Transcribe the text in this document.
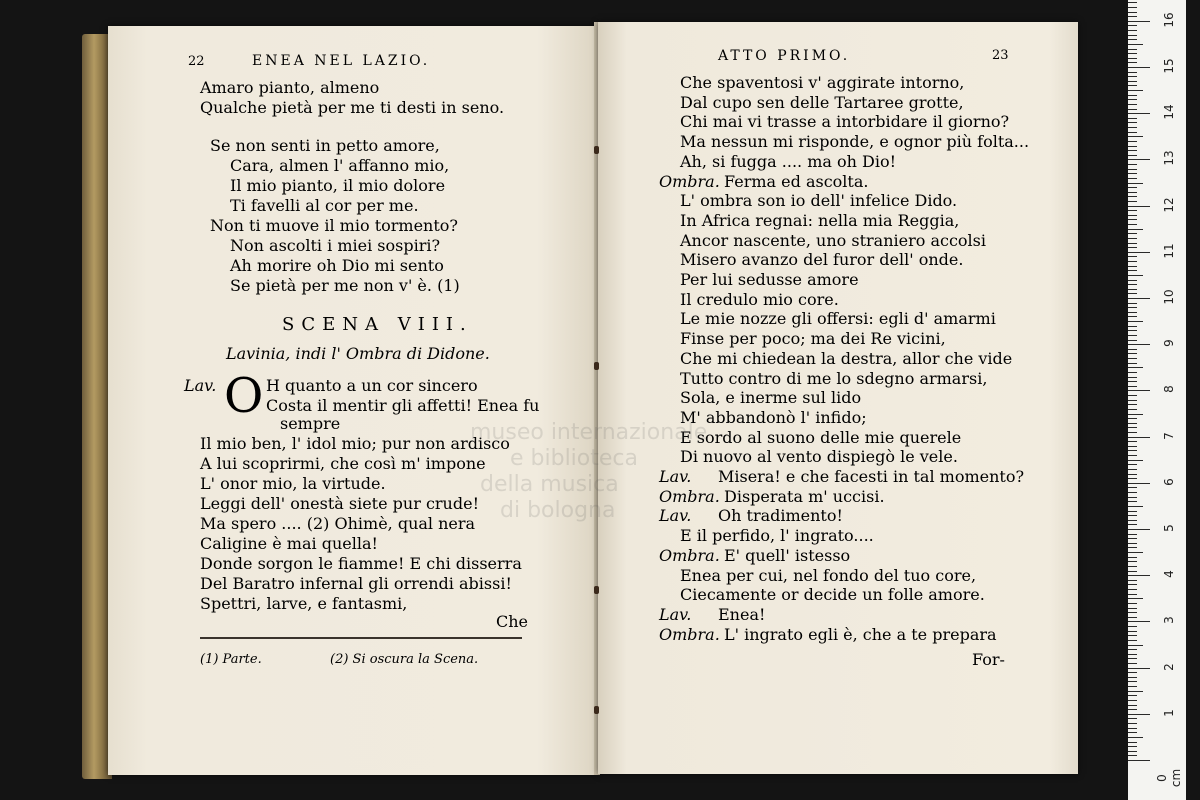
22	ENEA NEL LAZIO.
Amaro pianto, almeno
Qualche pietà per me ti desti in seno.
Se non senti in petto amore,
Cara, almen l' affanno mio,
Il mio pianto, il mio dolore
Ti favelli al cor per me.
Non ti muove il mio tormento?
Non ascolti i miei sospiri?
Ah morire oh Dio mi sento
Se pietà per me non v' è. (1)
SCENA VIII.
Lavinia, indi l' Ombra di Didone.
Lav. O H quanto a un cor sincero
Costa il mentir gli affetti! Enea fu
sempre
Il mio ben, l' idol mio; pur non ardisco
A lui scoprirmi, che così m' impone
L' onor mio, la virtude.
Leggi dell' onestà siete pur crude!
Ma spero .... (2) Ohimè, qual nera
Caligine è mai quella!
Donde sorgon le fiamme! E chi disserra
Del Baratro infernal gli orrendi abissi!
Spettri, larve, e fantasmi,
Che
(1) Parte.	(2) Si oscura la Scena.
ATTO PRIMO.	23
Che spaventosi v' aggirate intorno,
Dal cupo sen delle Tartaree grotte,
Chi mai vi trasse a intorbidare il giorno?
Ma nessun mi risponde, e ognor più folta...
Ah, si fugga .... ma oh Dio!
Ombra. Ferma ed ascolta.
L' ombra son io dell' infelice Dido.
In Africa regnai: nella mia Reggia,
Ancor nascente, uno straniero accolsi
Misero avanzo del furor dell' onde.
Per lui sedusse amore
Il credulo mio core.
Le mie nozze gli offersi: egli d' amarmi
Finse per poco; ma dei Re vicini,
Che mi chiedean la destra, allor che vide
Tutto contro di me lo sdegno armarsi,
Sola, e inerme sul lido
M' abbandonò l' infido;
E sordo al suono delle mie querele
Di nuovo al vento dispiegò le vele.
Lav. Misera! e che facesti in tal momento?
Ombra. Disperata m' uccisi.
Lav. Oh tradimento!
E il perfido, l' ingrato....
Ombra. E' quell' istesso
Enea per cui, nel fondo del tuo core,
Ciecamente or decide un folle amore.
Lav. Enea!
Ombra. L' ingrato egli è, che a te prepara
For-
museo internazionale
e biblioteca
della musica
di bologna
0 cm
1
2
3
4
5
6
7
8
9
10
11
12
13
14
15
16
